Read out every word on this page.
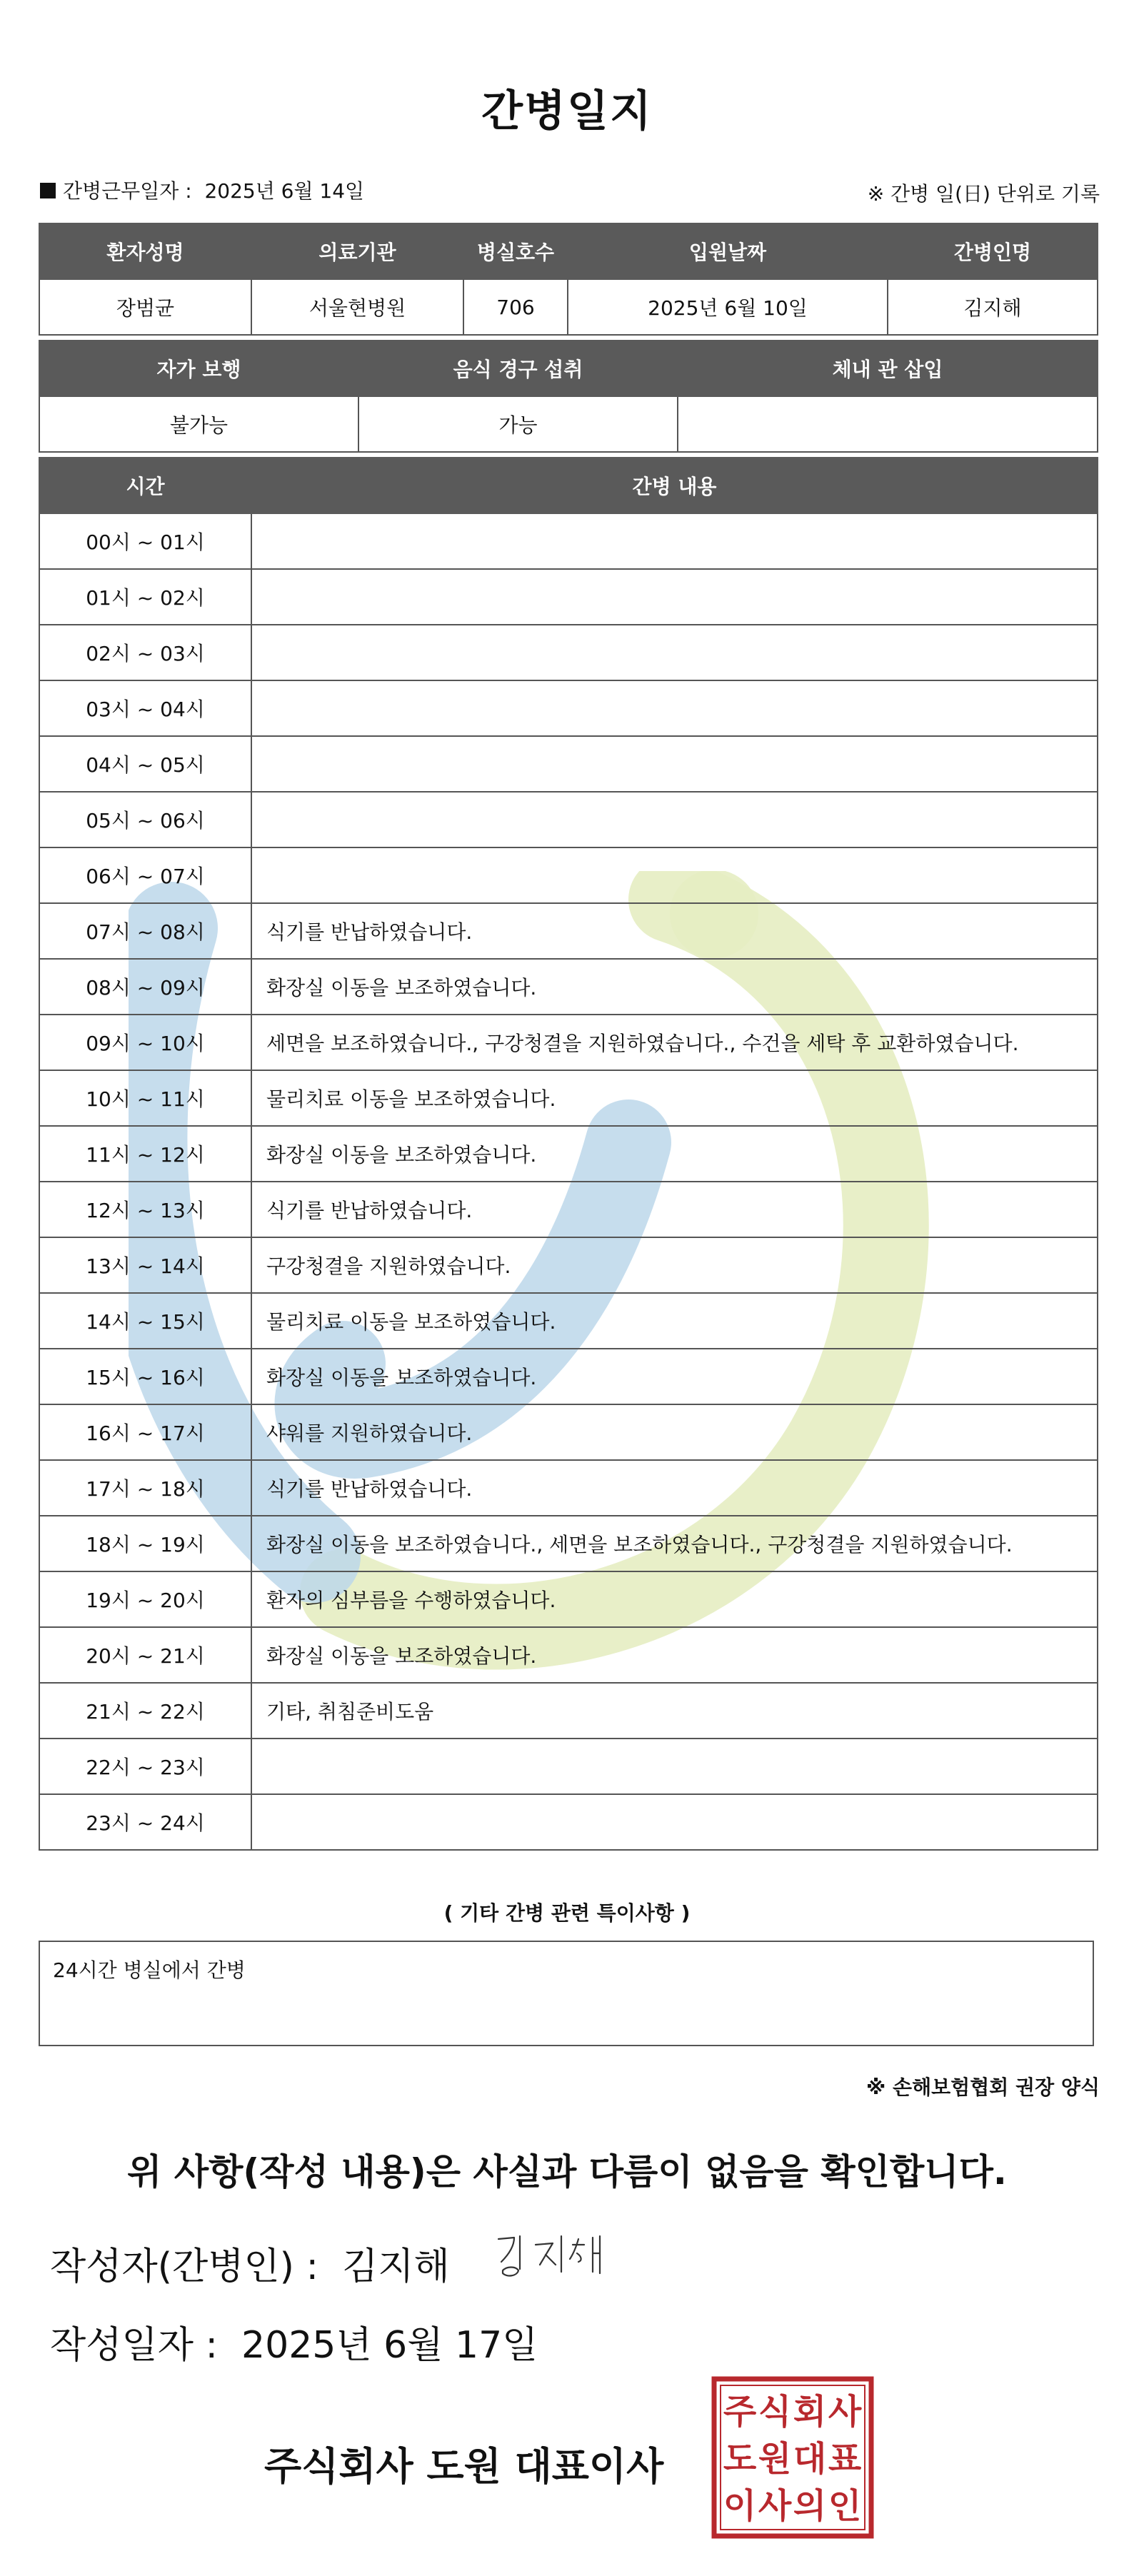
간병일지
간병근무일자 : 2025년 6월 14일	※ 간병 일(日) 단위로 기록
환자성명	의료기관	병실호수	입원날짜	간병인명
장범균	서울현병원	706	2025년 6월 10일	김지해
자가 보행	음식 경구 섭취	체내 관 삽입
불가능	가능	
시간	간병 내용
00시 ~ 01시	
01시 ~ 02시	
02시 ~ 03시	
03시 ~ 04시	
04시 ~ 05시	
05시 ~ 06시	
06시 ~ 07시	
07시 ~ 08시	식기를 반납하였습니다.
08시 ~ 09시	화장실 이동을 보조하였습니다.
09시 ~ 10시	세면을 보조하였습니다., 구강청결을 지원하였습니다., 수건을 세탁 후 교환하였습니다.
10시 ~ 11시	물리치료 이동을 보조하였습니다.
11시 ~ 12시	화장실 이동을 보조하였습니다.
12시 ~ 13시	식기를 반납하였습니다.
13시 ~ 14시	구강청결을 지원하였습니다.
14시 ~ 15시	물리치료 이동을 보조하였습니다.
15시 ~ 16시	화장실 이동을 보조하였습니다.
16시 ~ 17시	샤워를 지원하였습니다.
17시 ~ 18시	식기를 반납하였습니다.
18시 ~ 19시	화장실 이동을 보조하였습니다., 세면을 보조하였습니다., 구강청결을 지원하였습니다.
19시 ~ 20시	환자의 심부름을 수행하였습니다.
20시 ~ 21시	화장실 이동을 보조하였습니다.
21시 ~ 22시	기타, 취침준비도움
22시 ~ 23시	
23시 ~ 24시	
( 기타 간병 관련 특이사항 )
24시간 병실에서 간병
※ 손해보험협회 권장 양식
위 사항(작성 내용)은 사실과 다름이 없음을 확인합니다.
작성자(간병인) : 김지해
작성일자 : 2025년 6월 17일
주식회사 도원 대표이사
주 식 회 사
도 원 대 표
이 사 의 인
